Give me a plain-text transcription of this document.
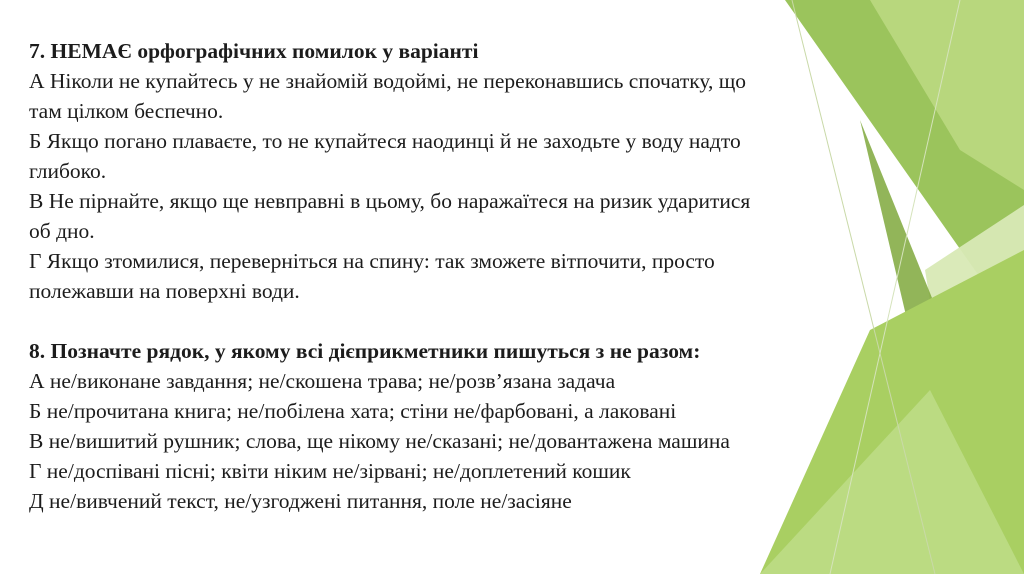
7. НЕМАЄ орфографічних помилок у варіанті
А Ніколи не купайтесь у не знайомій водоймі, не переконавшись спочатку, що
там цілком беспечно.
Б Якщо погано плаваєте, то не купайтеся наодинці й не заходьте у воду надто
глибоко.
В Не пірнайте, якщо ще невправні в цьому, бо наражаїтеся на ризик ударитися
об дно.
Г Якщо зтомилися, переверніться на спину: так зможете вітпочити, просто
полежавши на поверхні води.
8. Позначте рядок, у якому всі дієприкметники пишуться з не разом:
А не/виконане завдання; не/скошена трава; не/розв’язана задача
Б не/прочитана книга; не/побілена хата; стіни не/фарбовані, а лаковані
В не/вишитий рушник; слова, ще нікому не/сказані; не/довантажена машина
Г не/доспівані пісні; квіти ніким не/зірвані; не/доплетений кошик
Д не/вивчений текст, не/узгоджені питання, поле не/засіяне
